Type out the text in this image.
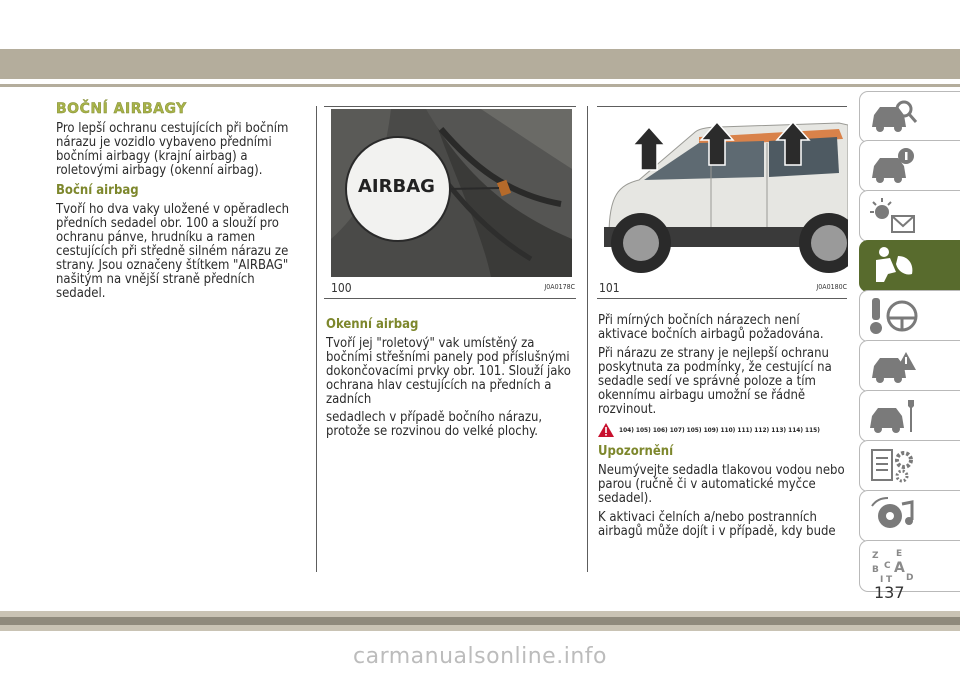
BOČNÍ AIRBAGY

Pro lepší ochranu cestujících při bočním nárazu je vozidlo vybaveno předními bočními airbagy (krajní airbag) a roletovými airbagy (okenní airbag).

Boční airbag

Tvoří ho dva vaky uložené v opěradlech předních sedadel obr. 100 a slouží pro ochranu pánve, hrudníku a ramen cestujících při středně silném nárazu ze strany. Jsou označeny štítkem "AIRBAG" našitým na vnější straně předních sedadel.

AIRBAG
100	J0A0178C
Okenní airbag

Tvoří jej "roletový" vak umístěný za bočními střešními panely pod příslušnými dokončovacími prvky obr. 101. Slouží jako ochrana hlav cestujících na předních a zadních

sedadlech v případě bočního nárazu, protože se rozvinou do velké plochy.

101	J0A0180C

Při mírných bočních nárazech není aktivace bočních airbagů požadována.

Při nárazu ze strany je nejlepší ochranu poskytnuta za podmínky, že cestující na sedadle sedí ve správné poloze a tím okennímu airbagu umožní se řádně rozvinout.

104) 105) 106) 107) 105) 109) 110) 111) 112) 113) 114) 115)
Upozornění

Neumývejte sedadla tlakovou vodou nebo parou (ručně či v automatické myčce sedadel).

K aktivaci čelních a/nebo postranních airbagů může dojít i v případě, kdy bude

Z E
B A
I
C
T D
137
carmanualsonline.info
